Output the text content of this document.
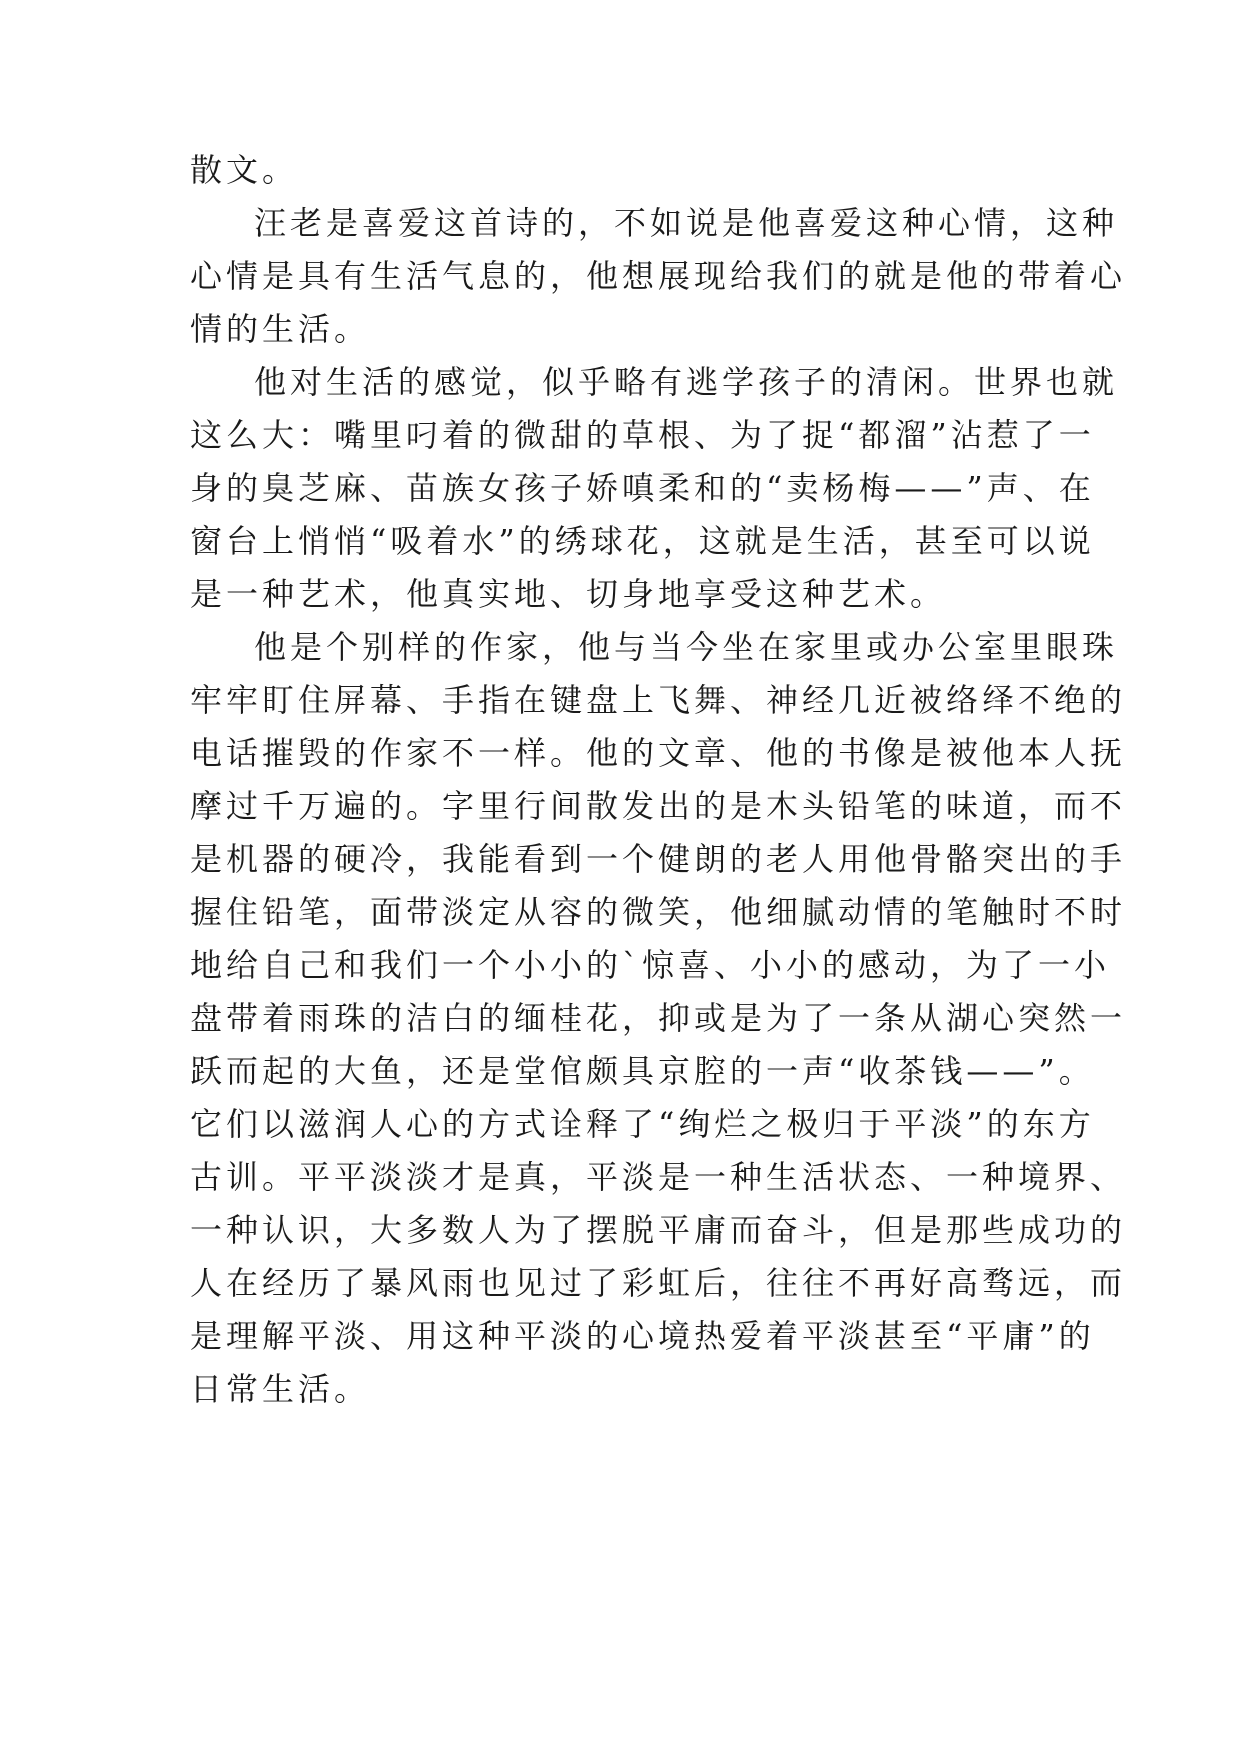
散文。
汪老是喜爱这首诗的，不如说是他喜爱这种心情，这种
心情是具有生活气息的，他想展现给我们的就是他的带着心
情的生活。
他对生活的感觉，似乎略有逃学孩子的清闲。世界也就
这么大：嘴里叼着的微甜的草根、为了捉“都溜”沾惹了一
身的臭芝麻、苗族女孩子娇嗔柔和的“卖杨梅——”声、在
窗台上悄悄“吸着水”的绣球花，这就是生活，甚至可以说
是一种艺术，他真实地、切身地享受这种艺术。
他是个别样的作家，他与当今坐在家里或办公室里眼珠
牢牢盯住屏幕、手指在键盘上飞舞、神经几近被络绎不绝的
电话摧毁的作家不一样。他的文章、他的书像是被他本人抚
摩过千万遍的。字里行间散发出的是木头铅笔的味道，而不
是机器的硬冷，我能看到一个健朗的老人用他骨骼突出的手
握住铅笔，面带淡定从容的微笑，他细腻动情的笔触时不时
地给自己和我们一个小小的`惊喜、小小的感动，为了一小
盘带着雨珠的洁白的缅桂花，抑或是为了一条从湖心突然一
跃而起的大鱼，还是堂倌颇具京腔的一声“收茶钱——”。
它们以滋润人心的方式诠释了“绚烂之极归于平淡”的东方
古训。平平淡淡才是真，平淡是一种生活状态、一种境界、
一种认识，大多数人为了摆脱平庸而奋斗，但是那些成功的
人在经历了暴风雨也见过了彩虹后，往往不再好高骛远，而
是理解平淡、用这种平淡的心境热爱着平淡甚至“平庸”的
日常生活。
